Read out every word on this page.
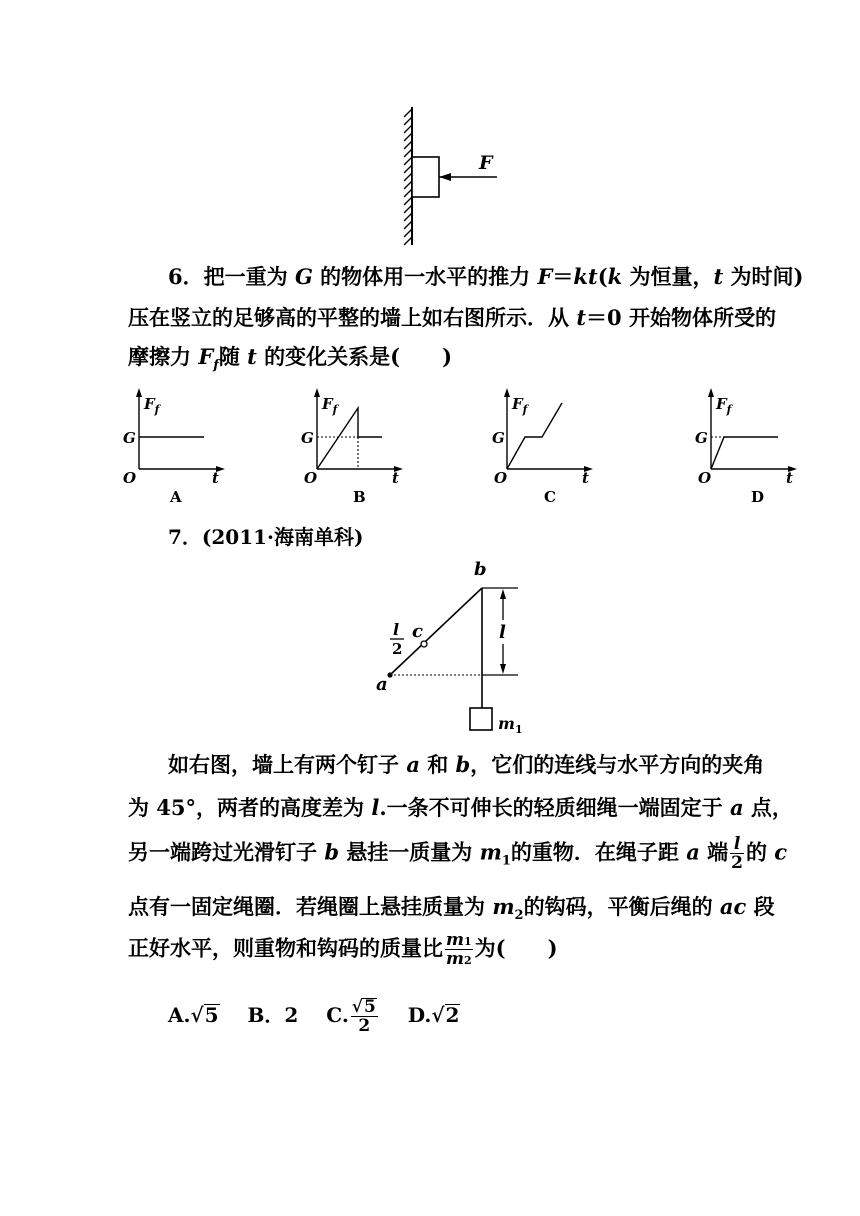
F
6．把一重为 G 的物体用一水平的推力 F＝kt(k 为恒量，t 为时间)
压在竖立的足够高的平整的墙上如右图所示．从 t＝0 开始物体所受的
摩擦力 $F_f$随 t 的变化关系是(　　)
$F_f$
G
O	t
A
$F_f$
G
O	t
B
$F_f$
G
O	t
C
$F_f$
G
O	t
D
7．(2011·海南单科)
b
c
a
l
l
2
$m_1$
如右图，墙上有两个钉子 a 和 b，它们的连线与水平方向的夹角
为 45°，两者的高度差为 l.一条不可伸长的轻质细绳一端固定于 a 点，
另一端跨过光滑钉子 b 悬挂一质量为 $m_1$的重物．在绳子距 a 端 $\frac{l}{2}$ 的 c
点有一固定绳圈．若绳圈上悬挂质量为 $m_2$的钩码，平衡后绳的 ac 段
正好水平，则重物和钩码的质量比 $\frac{m1}{m2}$ 为(　　)
A.√5 B．2 C. $\frac{√5}{2} D.√2$
